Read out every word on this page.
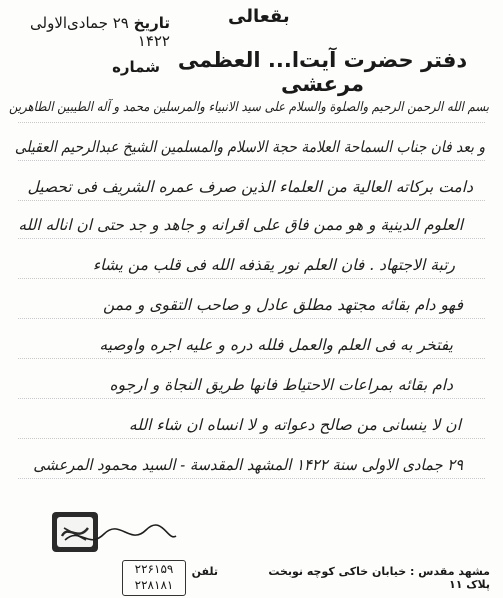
بقعالی
دفتر حضرت آیت‌ا... العظمی مرعشی
تاریخ ۲۹ جمادی‌الاولی ۱۴۲۲
شماره
بسم الله الرحمن الرحیم والصلوة والسلام علی سید الانبیاء والمرسلین محمد و آله الطیبین الطاهرین
و بعد فان جناب السماحة العلامة حجة الاسلام والمسلمین الشیخ عبدالرحیم العقیلی
دامت برکاته العالیة من العلماء الذین صرف عمره الشریف فی تحصیل
العلوم الدینیة و هو ممن فاق علی اقرانه و جاهد و جد حتی ان اناله الله
رتبة الاجتهاد . فان العلم نور یقذفه الله فی قلب من یشاء
فهو دام بقائه مجتهد مطلق عادل و صاحب التقوی و ممن
یفتخر به فی العلم والعمل فلله دره و علیه اجره واوصیه
دام بقائه بمراعات الاحتیاط فانها طریق النجاة و ارجوه
ان لا ینسانی من صالح دعواته و لا انساه ان شاء الله
۲۹ جمادی الاولی سنة ۱۴۲۲ المشهد المقدسة - السید محمود المرعشی
مشهد مقدس : خیابان خاکی کوچه نوبخت پلاک ۱۱
تلفن
۲۲۶۱۵۹
۲۲۸۱۸۱
